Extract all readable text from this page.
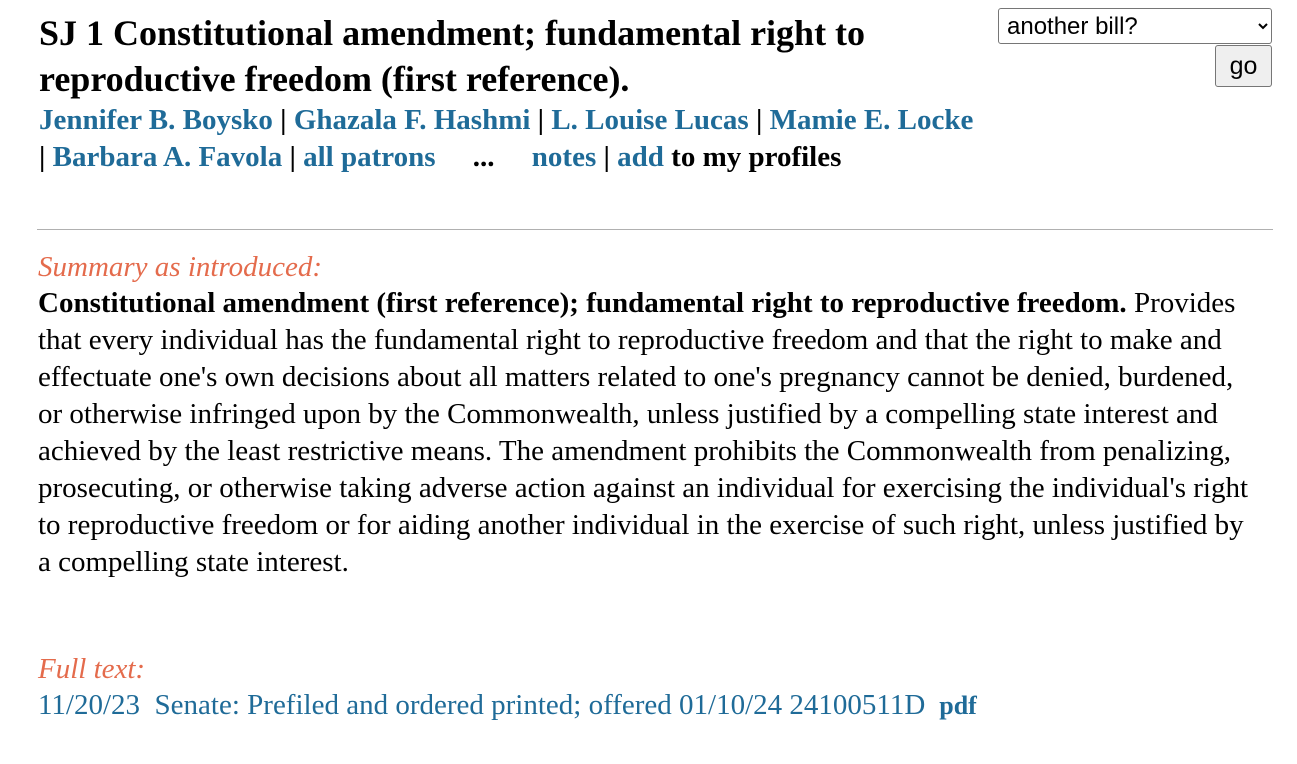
another bill?
go
SJ 1 Constitutional amendment; fundamental right to reproductive freedom (first reference).

Jennifer B. Boysko | Ghazala F. Hashmi | L. Louise Lucas | Mamie E. Locke | Barbara A. Favola | all patrons ... notes | add to my profiles

Summary as introduced:

Constitutional amendment (first reference); fundamental right to reproductive freedom. Provides that every individual has the fundamental right to reproductive freedom and that the right to make and effectuate one's own decisions about all matters related to one's pregnancy cannot be denied, burdened, or otherwise infringed upon by the Commonwealth, unless justified by a compelling state interest and achieved by the least restrictive means. The amendment prohibits the Commonwealth from penalizing, prosecuting, or otherwise taking adverse action against an individual for exercising the individual's right to reproductive freedom or for aiding another individual in the exercise of such right, unless justified by a compelling state interest.

Full text:

11/20/23 Senate: Prefiled and ordered printed; offered 01/10/24 24100511D pdf
